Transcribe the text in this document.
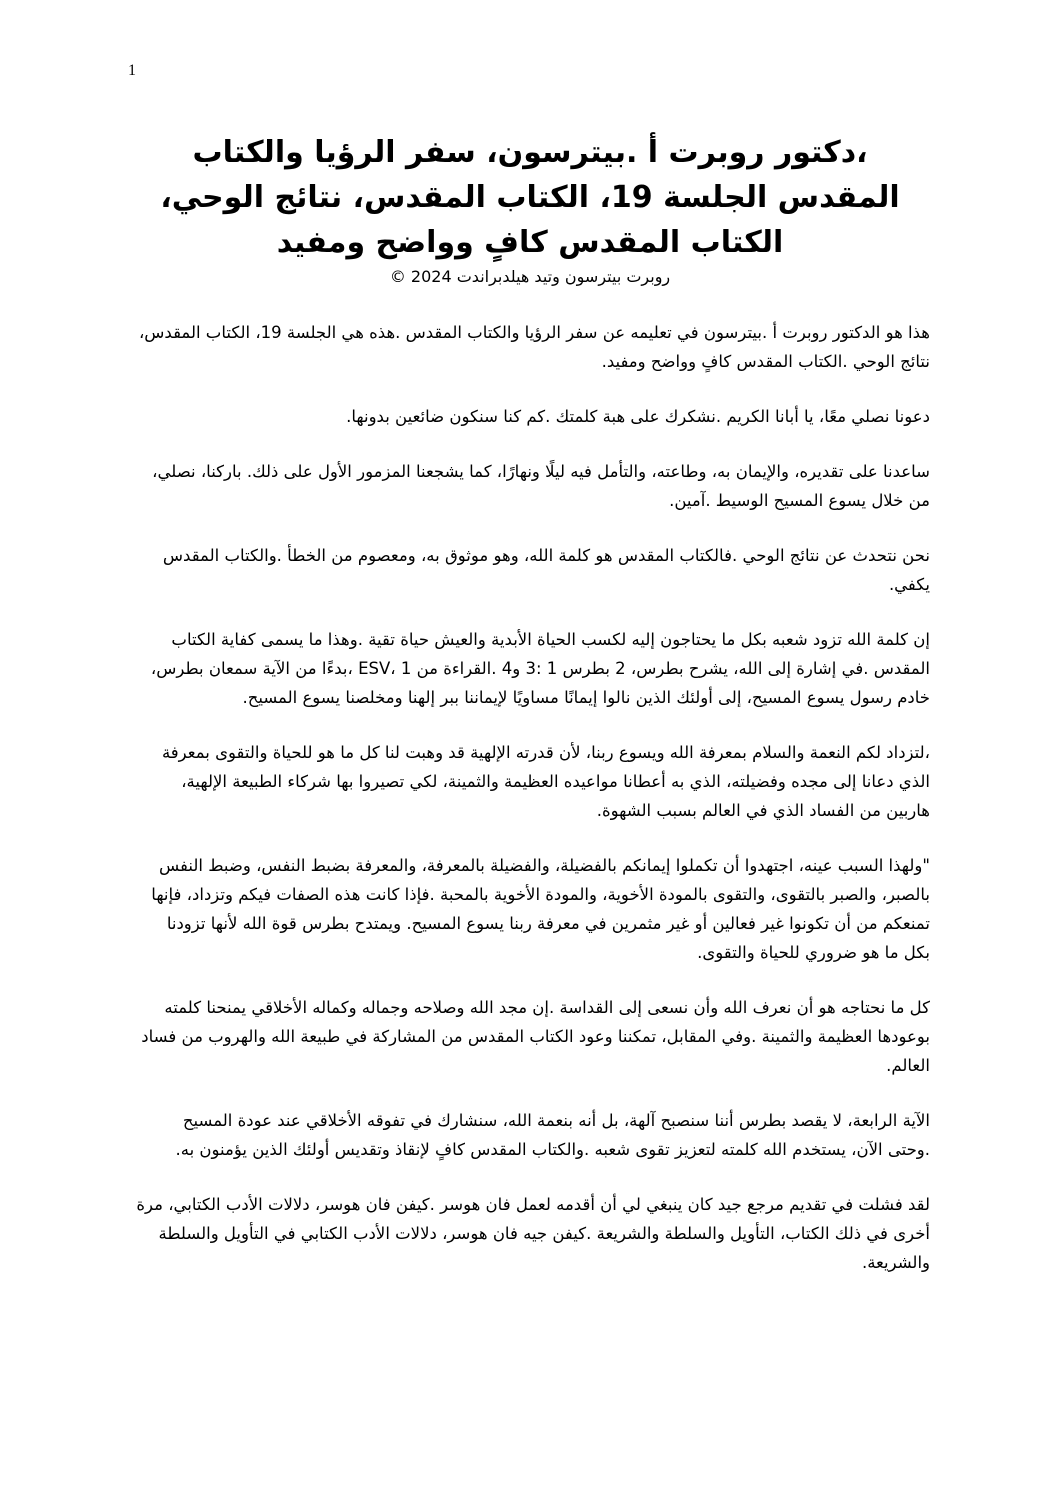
1
،دكتور روبرت أ .بيترسون، سفر الرؤيا والكتاب المقدس الجلسة 19، الكتاب المقدس، نتائج الوحي، الكتاب المقدس كافٍ وواضح ومفيد

روبرت بيترسون وتيد هيلدبراندت 2024 ©

هذا هو الدكتور روبرت أ .بيترسون في تعليمه عن سفر الرؤيا والكتاب المقدس .هذه هي الجلسة 19، الكتاب المقدس، نتائج الوحي .الكتاب المقدس كافٍ وواضح ومفيد.

دعونا نصلي معًا، يا أبانا الكريم .نشكرك على هبة كلمتك .كم كنا سنكون ضائعين بدونها.

ساعدنا على تقديره، والإيمان به، وطاعته، والتأمل فيه ليلًا ونهارًا، كما يشجعنا المزمور الأول على ذلك. باركنا، نصلي، من خلال يسوع المسيح الوسيط .آمين.

نحن نتحدث عن نتائج الوحي .فالكتاب المقدس هو كلمة الله، وهو موثوق به، ومعصوم من الخطأ .والكتاب المقدس يكفي.

إن كلمة الله تزود شعبه بكل ما يحتاجون إليه لكسب الحياة الأبدية والعيش حياة تقية .وهذا ما يسمى كفاية الكتاب المقدس .في إشارة إلى الله، يشرح بطرس، 2 بطرس 1 :3 و4 .القراءة من ESV، 1 ،بدءًا من الآية سمعان بطرس، خادم رسول يسوع المسيح، إلى أولئك الذين نالوا إيمانًا مساويًا لإيماننا ببر إلهنا ومخلصنا يسوع المسيح.

،لتزداد لكم النعمة والسلام بمعرفة الله ويسوع ربنا، لأن قدرته الإلهية قد وهبت لنا كل ما هو للحياة والتقوى بمعرفة الذي دعانا إلى مجده وفضيلته، الذي به أعطانا مواعيده العظيمة والثمينة، لكي تصيروا بها شركاء الطبيعة الإلهية، هاربين من الفساد الذي في العالم بسبب الشهوة.

"ولهذا السبب عينه، اجتهدوا أن تكملوا إيمانكم بالفضيلة، والفضيلة بالمعرفة، والمعرفة بضبط النفس، وضبط النفس بالصبر، والصبر بالتقوى، والتقوى بالمودة الأخوية، والمودة الأخوية بالمحبة .فإذا كانت هذه الصفات فيكم وتزداد، فإنها تمنعكم من أن تكونوا غير فعالين أو غير مثمرين في معرفة ربنا يسوع المسيح. ويمتدح بطرس قوة الله لأنها تزودنا بكل ما هو ضروري للحياة والتقوى.

كل ما نحتاجه هو أن نعرف الله وأن نسعى إلى القداسة .إن مجد الله وصلاحه وجماله وكماله الأخلاقي يمنحنا كلمته بوعودها العظيمة والثمينة .وفي المقابل، تمكننا وعود الكتاب المقدس من المشاركة في طبيعة الله والهروب من فساد العالم.

الآية الرابعة، لا يقصد بطرس أننا سنصبح آلهة، بل أنه بنعمة الله، سنشارك في تفوقه الأخلاقي عند عودة المسيح .وحتى الآن، يستخدم الله كلمته لتعزيز تقوى شعبه .والكتاب المقدس كافٍ لإنقاذ وتقديس أولئك الذين يؤمنون به.

لقد فشلت في تقديم مرجع جيد كان ينبغي لي أن أقدمه لعمل فان هوسر .كيفن فان هوسر، دلالات الأدب الكتابي، مرة أخرى في ذلك الكتاب، التأويل والسلطة والشريعة .كيفن جيه فان هوسر، دلالات الأدب الكتابي في التأويل والسلطة والشريعة.
